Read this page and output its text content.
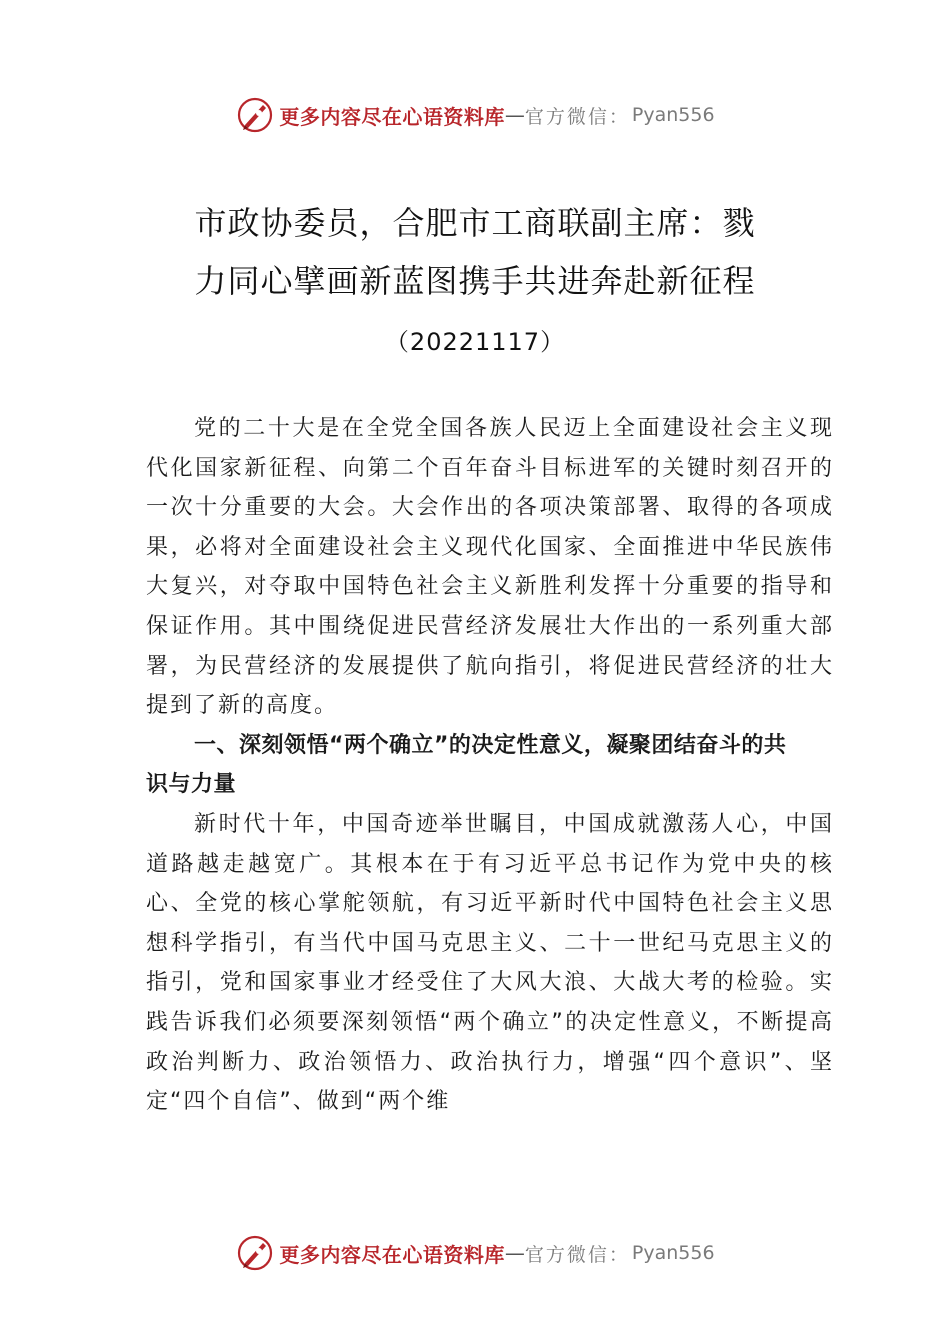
更多内容尽在心语资料库 — 官方微信： Pyan556
市政协委员，合肥市工商联副主席：戮
力同心擘画新蓝图携手共进奔赴新征程
（20221117）

党的二十大是在全党全国各族人民迈上全面建设社会主义现代化国家新征程、向第二个百年奋斗目标进军的关键时刻召开的一次十分重要的大会。大会作出的各项决策部署、取得的各项成果，必将对全面建设社会主义现代化国家、全面推进中华民族伟大复兴，对夺取中国特色社会主义新胜利发挥十分重要的指导和保证作用。其中围绕促进民营经济发展壮大作出的一系列重大部署，为民营经济的发展提供了航向指引，将促进民营经济的壮大提到了新的高度。

一、深刻领悟“两个确立”的决定性意义，凝聚团结奋斗的共识与力量

新时代十年，中国奇迹举世瞩目，中国成就激荡人心，中国道路越走越宽广。其根本在于有习近平总书记作为党中央的核心、全党的核心掌舵领航，有习近平新时代中国特色社会主义思想科学指引，有当代中国马克思主义、二十一世纪马克思主义的指引，党和国家事业才经受住了大风大浪、大战大考的检验。实践告诉我们必须要深刻领悟“两个确立”的决定性意义，不断提高政治判断力、政治领悟力、政治执行力，增强“四个意识”、坚定“四个自信”、做到“两个维

更多内容尽在心语资料库 — 官方微信： Pyan556
